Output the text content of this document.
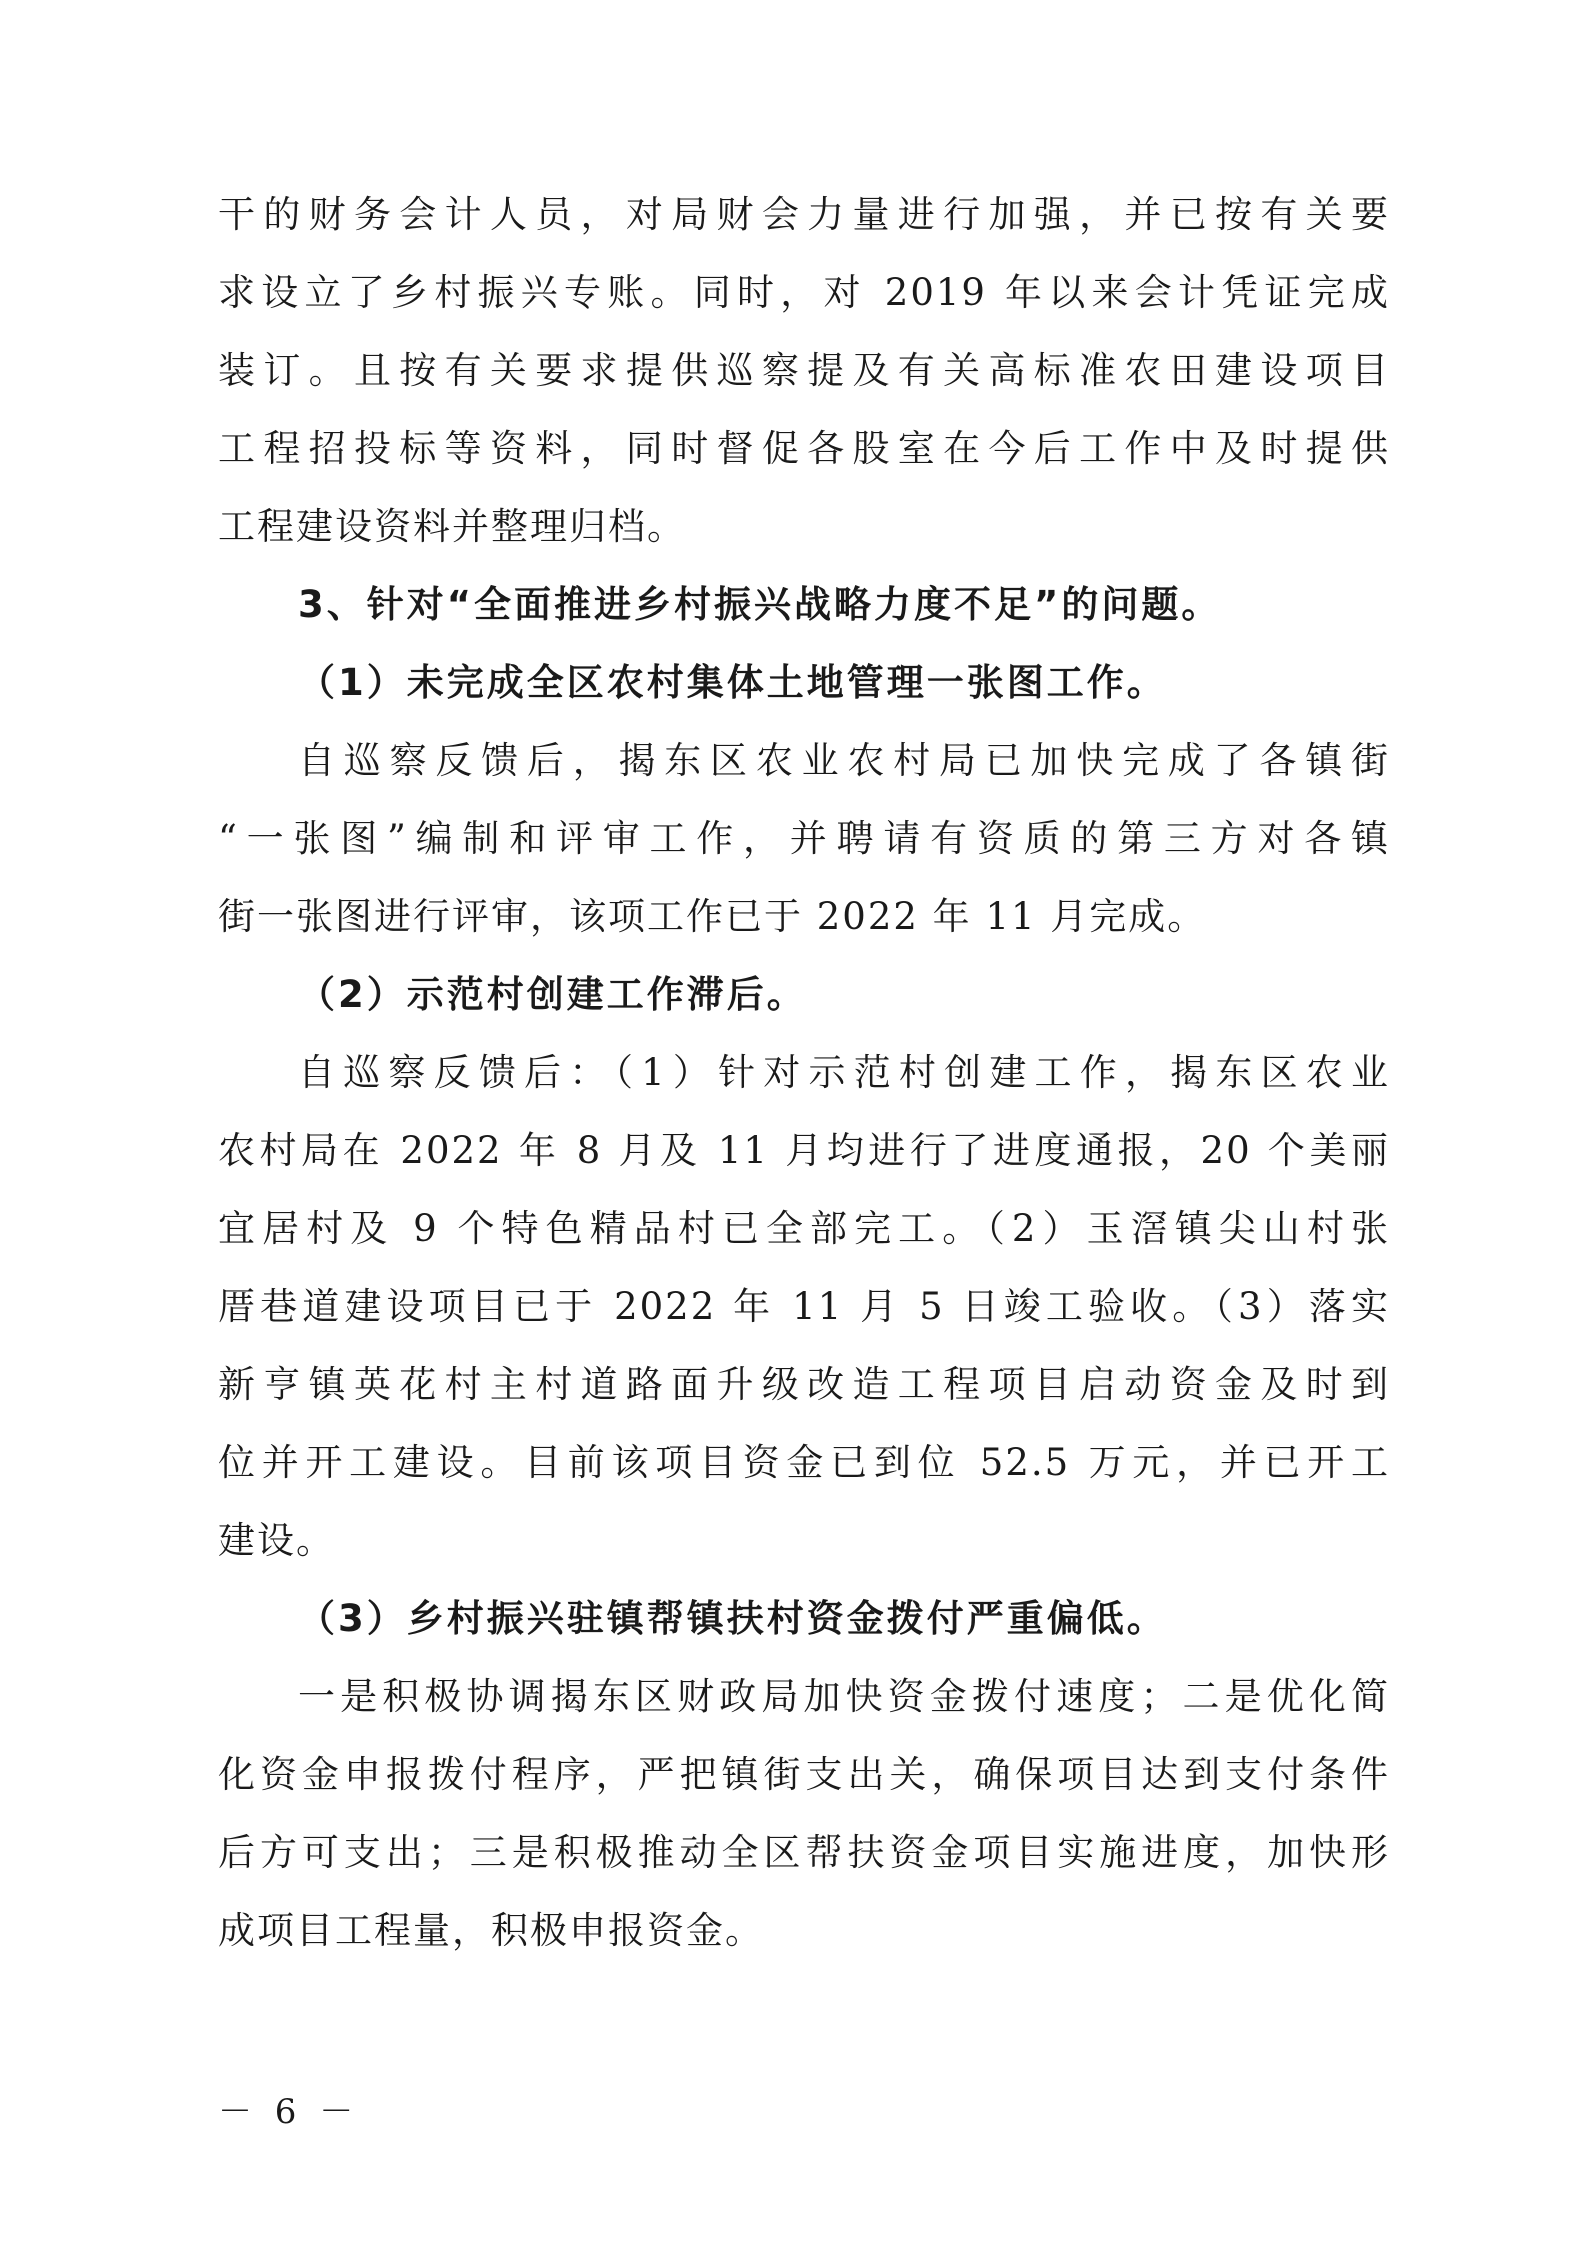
干的财务会计人员，对局财会力量进行加强，并已按有关要
求设立了乡村振兴专账。同时，对 2019 年以来会计凭证完成
装订。且按有关要求提供巡察提及有关高标准农田建设项目
工程招投标等资料，同时督促各股室在今后工作中及时提供
工程建设资料并整理归档。
3、针对“全面推进乡村振兴战略力度不足”的问题。
（1）未完成全区农村集体土地管理一张图工作。
自巡察反馈后，揭东区农业农村局已加快完成了各镇街
“一张图”编制和评审工作，并聘请有资质的第三方对各镇
街一张图进行评审，该项工作已于 2022 年 11 月完成。
（2）示范村创建工作滞后。
自巡察反馈后：（1）针对示范村创建工作，揭东区农业
农村局在 2022 年 8 月及 11 月均进行了进度通报，20 个美丽
宜居村及 9 个特色精品村已全部完工。（2）玉滘镇尖山村张
厝巷道建设项目已于 2022 年 11 月 5 日竣工验收。（3）落实
新亨镇英花村主村道路面升级改造工程项目启动资金及时到
位并开工建设。目前该项目资金已到位 52.5 万元，并已开工
建设。
（3）乡村振兴驻镇帮镇扶村资金拨付严重偏低。
一是积极协调揭东区财政局加快资金拨付速度；二是优化简
化资金申报拨付程序，严把镇街支出关，确保项目达到支付条件
后方可支出；三是积极推动全区帮扶资金项目实施进度，加快形
成项目工程量，积极申报资金。
－ 6 －
